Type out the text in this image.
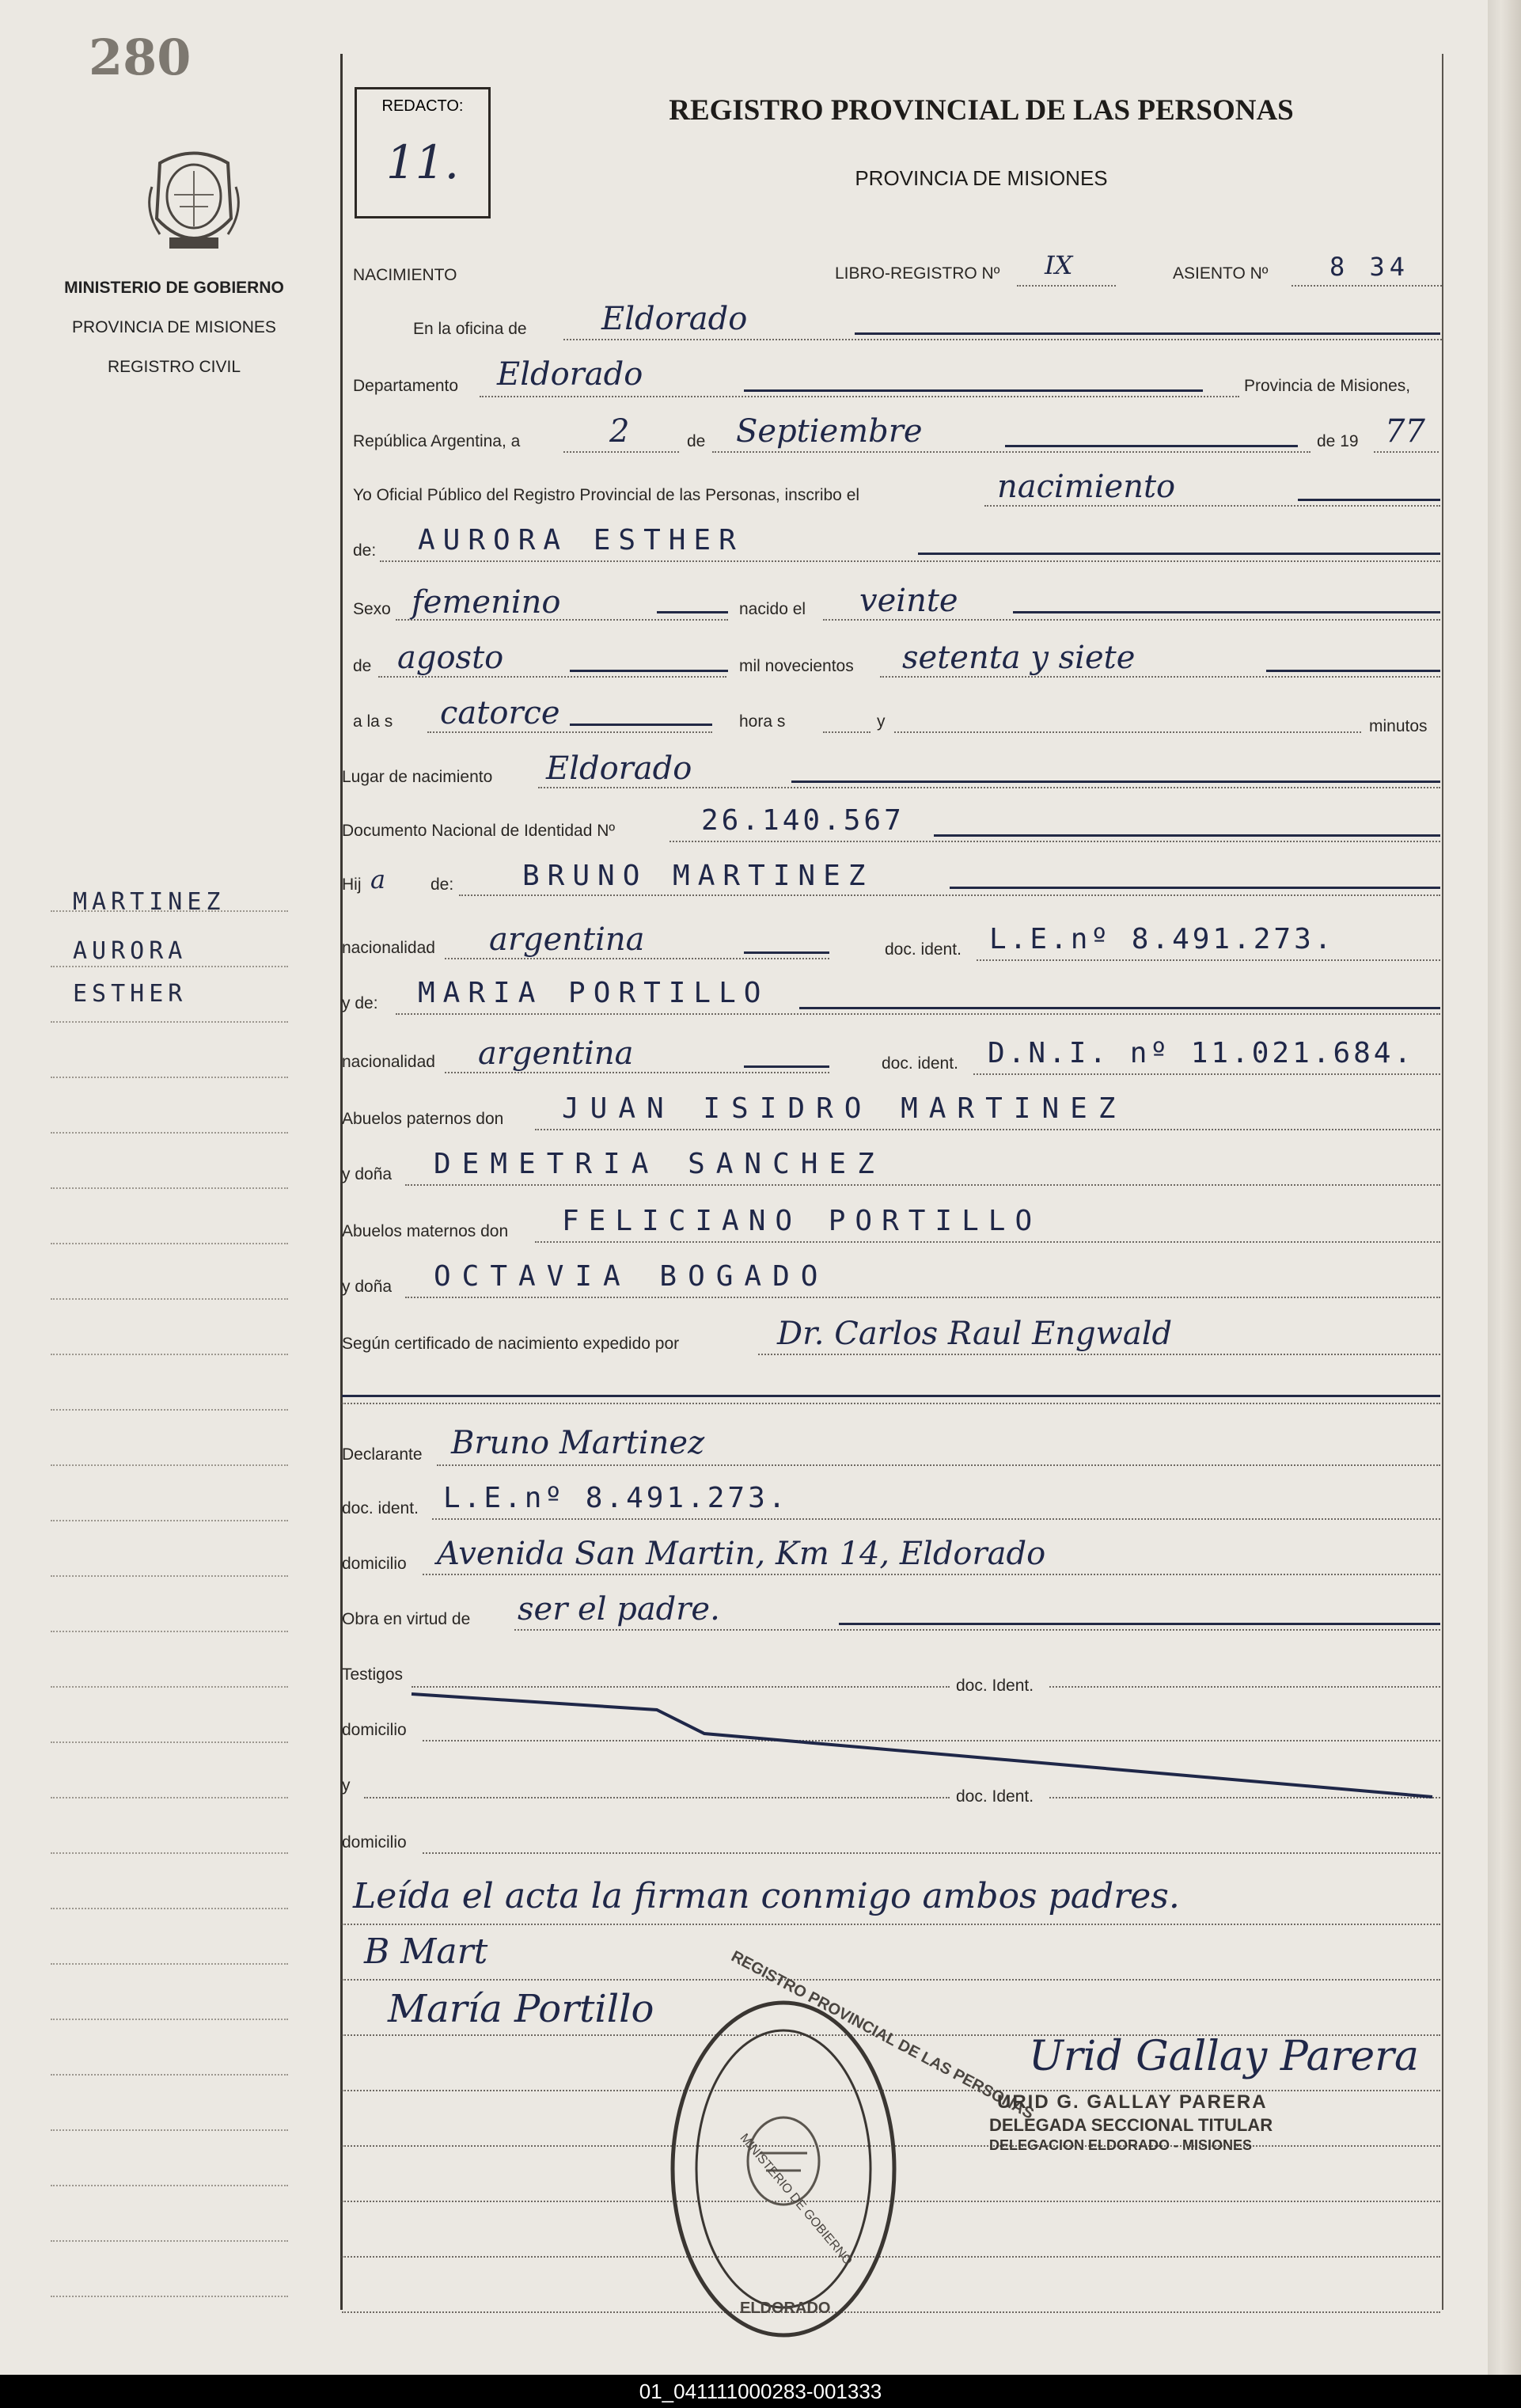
280
MINISTERIO DE GOBIERNO
PROVINCIA DE MISIONES
REGISTRO CIVIL
MARTINEZ
AURORA
ESTHER
REDACTO:
11.
REGISTRO PROVINCIAL DE LAS PERSONAS
PROVINCIA DE MISIONES
NACIMIENTO	LIBRO-REGISTRO Nº IX	ASIENTO Nº 8 34
En la oficina de Eldorado
Departamento Eldorado	Provincia de Misiones,
República Argentina, a	2	de Septiembre	de 19 77
Yo Oficial Público del Registro Provincial de las Personas, inscribo el	nacimiento
de: AURORA ESTHER
Sexo femenino	nacido el veinte
de agosto	mil novecientos setenta y siete
a la s catorce	hora s	y	minutos
Lugar de nacimiento Eldorado
Documento Nacional de Identidad Nº	26.140.567
Hij a	de: BRUNO MARTINEZ
nacionalidad argentina	doc. ident. L.E.nº 8.491.273.
y de: MARIA PORTILLO
nacionalidad argentina	doc. ident. D.N.I. nº 11.021.684.
Abuelos paternos don JUAN ISIDRO MARTINEZ
y doña DEMETRIA SANCHEZ
Abuelos maternos don FELICIANO PORTILLO
y doña OCTAVIA BOGADO
Según certificado de nacimiento expedido por	Dr. Carlos Raul Engwald
Declarante Bruno Martinez
doc. ident. L.E.nº 8.491.273.
domicilio Avenida San Martin, Km 14, Eldorado
Obra en virtud de ser el padre.
Testigos
doc. Ident.
domicilio
y
doc. Ident.
domicilio
Leída el acta la firman conmigo ambos padres.
B Mart
María Portillo	REGISTRO PROVINCIAL DE LAS PERSONAS
MINISTERIO DE GOBIERNO
ELDORADO
Urid Gallay Parera
URID G. GALLAY PARERA
DELEGADA SECCIONAL TITULAR
DELEGACION ELDORADO - MISIONES
01_041111000283-001333
